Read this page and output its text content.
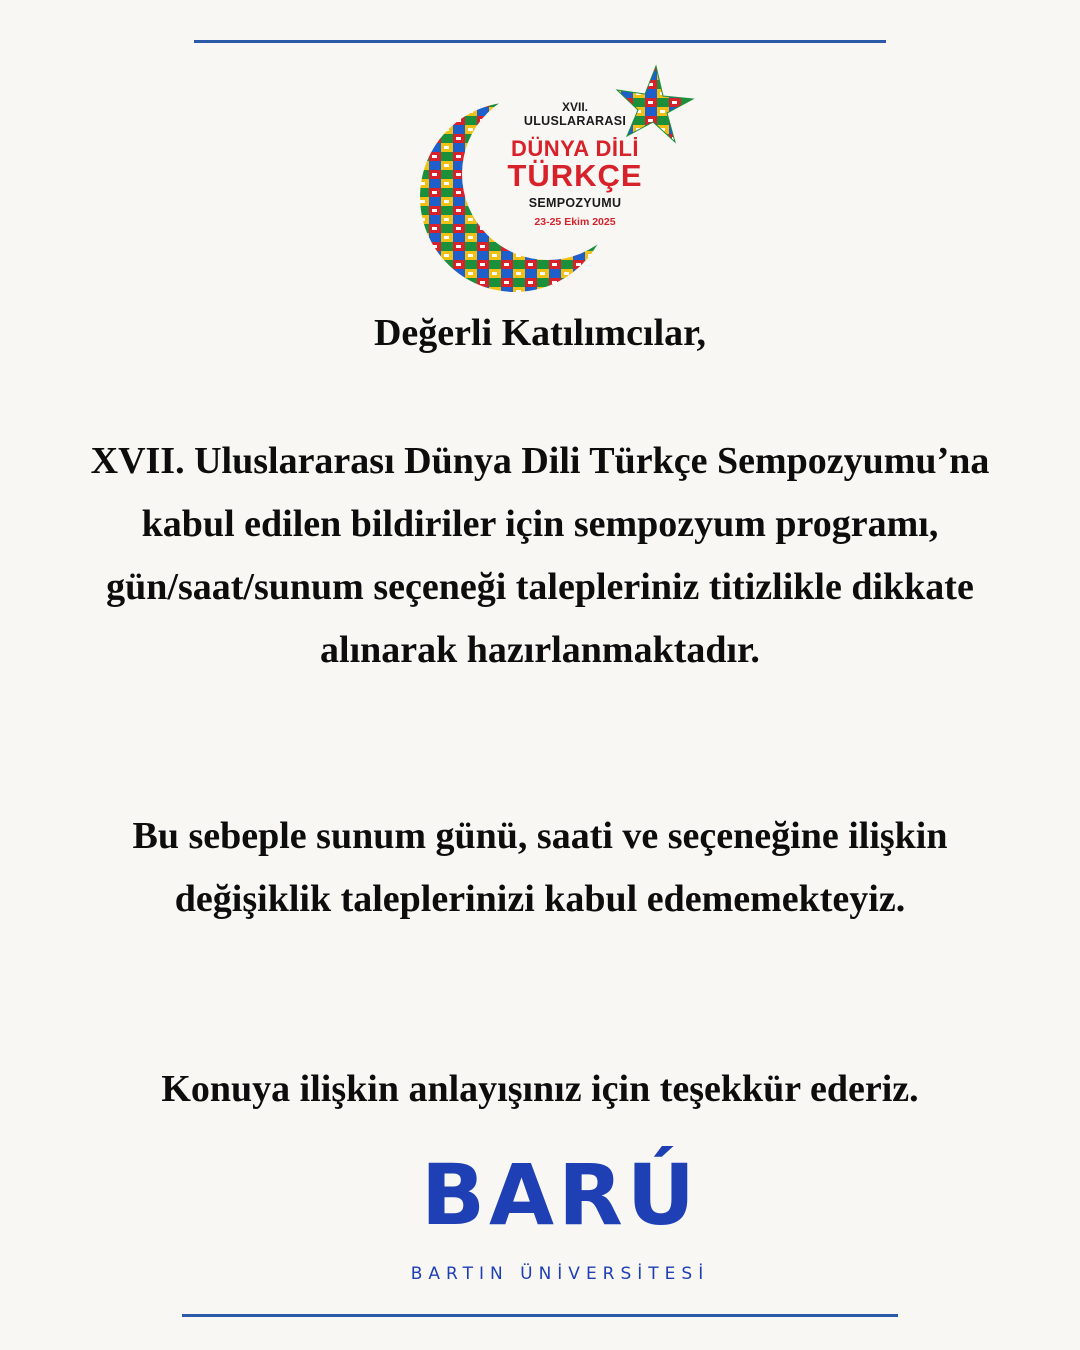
XVII.
ULUSLARARASI
DÜNYA DİLİ
TÜRKÇE
SEMPOZYUMU
23-25 Ekim 2025

Değerli Katılımcılar,

XVII. Uluslararası Dünya Dili Türkçe Sempozyumu’na kabul edilen bildiriler için sempozyum programı, gün/saat/sunum seçeneği talepleriniz titizlikle dikkate alınarak hazırlanmaktadır.

Bu sebeple sunum günü, saati ve seçeneğine ilişkin değişiklik taleplerinizi kabul edememekteyiz.

Konuya ilişkin anlayışınız için teşekkür ederiz.

BARÚ
BARTIN ÜNİVERSİTESİ
